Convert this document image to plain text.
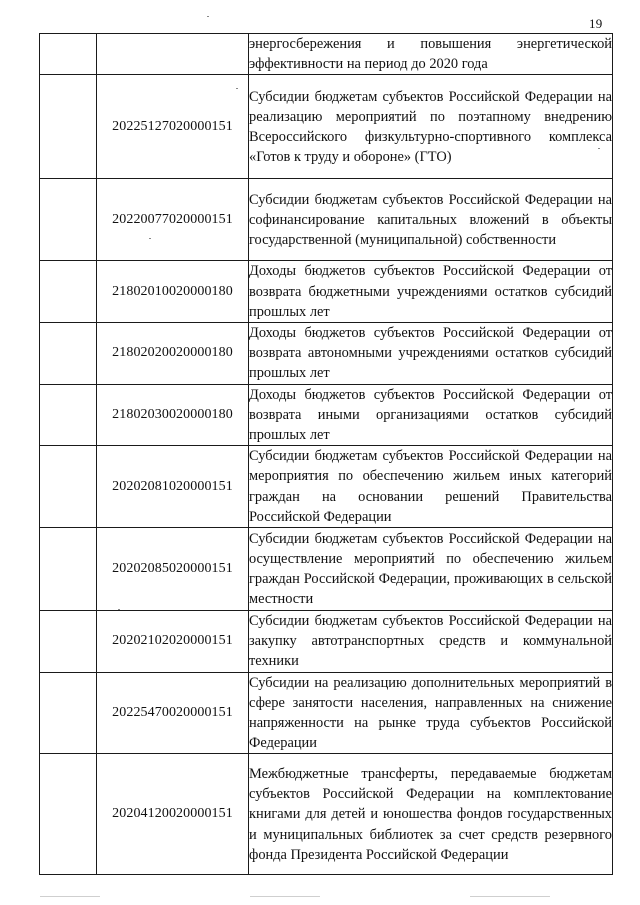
19
		энергосбережения и повышения энергетической эффективности на период до 2020 года
	20225127020000151	Субсидии бюджетам субъектов Российской Федерации на реализацию мероприятий по поэтапному внедрению Всероссийского физкультурно-спортивного комплекса «Готов к труду и обороне» (ГТО)
	20220077020000151	Субсидии бюджетам субъектов Российской Федерации на софинансирование капитальных вложений в объекты государственной (муниципальной) собственности
	21802010020000180	Доходы бюджетов субъектов Российской Федерации от возврата бюджетными учреждениями остатков субсидий прошлых лет
	21802020020000180	Доходы бюджетов субъектов Российской Федерации от возврата автономными учреждениями остатков субсидий прошлых лет
	21802030020000180	Доходы бюджетов субъектов Российской Федерации от возврата иными организациями остатков субсидий прошлых лет
	20202081020000151	Субсидии бюджетам субъектов Российской Федерации на мероприятия по обеспечению жильем иных категорий граждан на основании решений Правительства Российской Федерации
	20202085020000151	Субсидии бюджетам субъектов Российской Федерации на осуществление мероприятий по обеспечению жильем граждан Российской Федерации, проживающих в сельской местности
	20202102020000151	Субсидии бюджетам субъектов Российской Федерации на закупку автотранспортных средств и коммунальной техники
	20225470020000151	Субсидии на реализацию дополнительных мероприятий в сфере занятости населения, направленных на снижение напряженности на рынке труда субъектов Российской Федерации
	20204120020000151	Межбюджетные трансферты, передаваемые бюджетам субъектов Российской Федерации на комплектование книгами для детей и юношества фондов государственных и муниципальных библиотек за счет средств резервного фонда Президента Российской Федерации
